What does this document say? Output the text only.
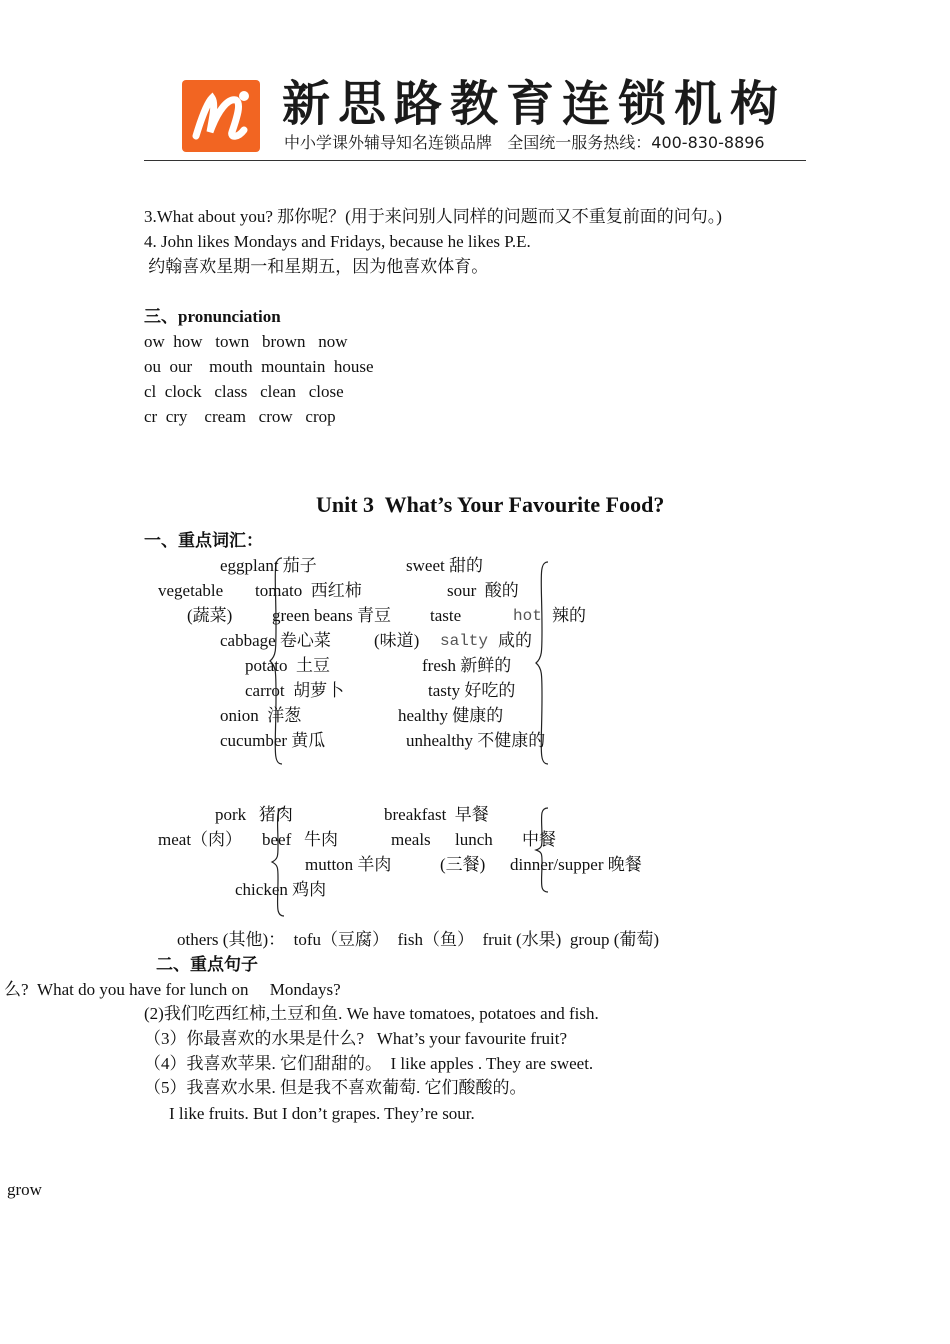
新思路教育连锁机构
中小学课外辅导知名连锁品牌   全国统一服务热线：400-830-8896
3.What about you? 那你呢？(用于来问别人同样的问题而又不重复前面的问句。)
4. John likes Mondays and Fridays, because he likes P.E.
约翰喜欢星期一和星期五，因为他喜欢体育。
三、pronunciation
ow  how   town   brown   now
ou  our    mouth  mountain  house
cl  clock   class   clean   close
cr  cry    cream   crow   crop
Unit 3  What’s Your Favourite Food?
一、重点词汇：
vegetable
(蔬菜)
eggplant 茄子
tomato  西红柿
green beans 青豆
cabbage 卷心菜
potato  土豆
carrot  胡萝卜
onion  洋葱
cucumber 黄瓜
taste
(味道)
sweet 甜的
sour  酸的
hot 辣的
salty 咸的
fresh 新鲜的
tasty 好吃的
healthy 健康的
unhealthy 不健康的
meat（肉）
pork   猪肉
beef   牛肉
mutton 羊肉
chicken 鸡肉
meals
(三餐)
breakfast  早餐
lunch 中餐
dinner/supper 晚餐
others (其他)：  tofu（豆腐）  fish（鱼）  fruit (水果)  group (葡萄)
二、重点句子
么?  What do you have for lunch on     Mondays?
(2)我们吃西红柿,土豆和鱼. We have tomatoes, potatoes and fish.
（3）你最喜欢的水果是什么?   What’s your favourite fruit?
（4）我喜欢苹果. 它们甜甜的。  I like apples . They are sweet.
（5）我喜欢水果. 但是我不喜欢葡萄. 它们酸酸的。
I like fruits. But I don’t grapes. They’re sour.
grow
